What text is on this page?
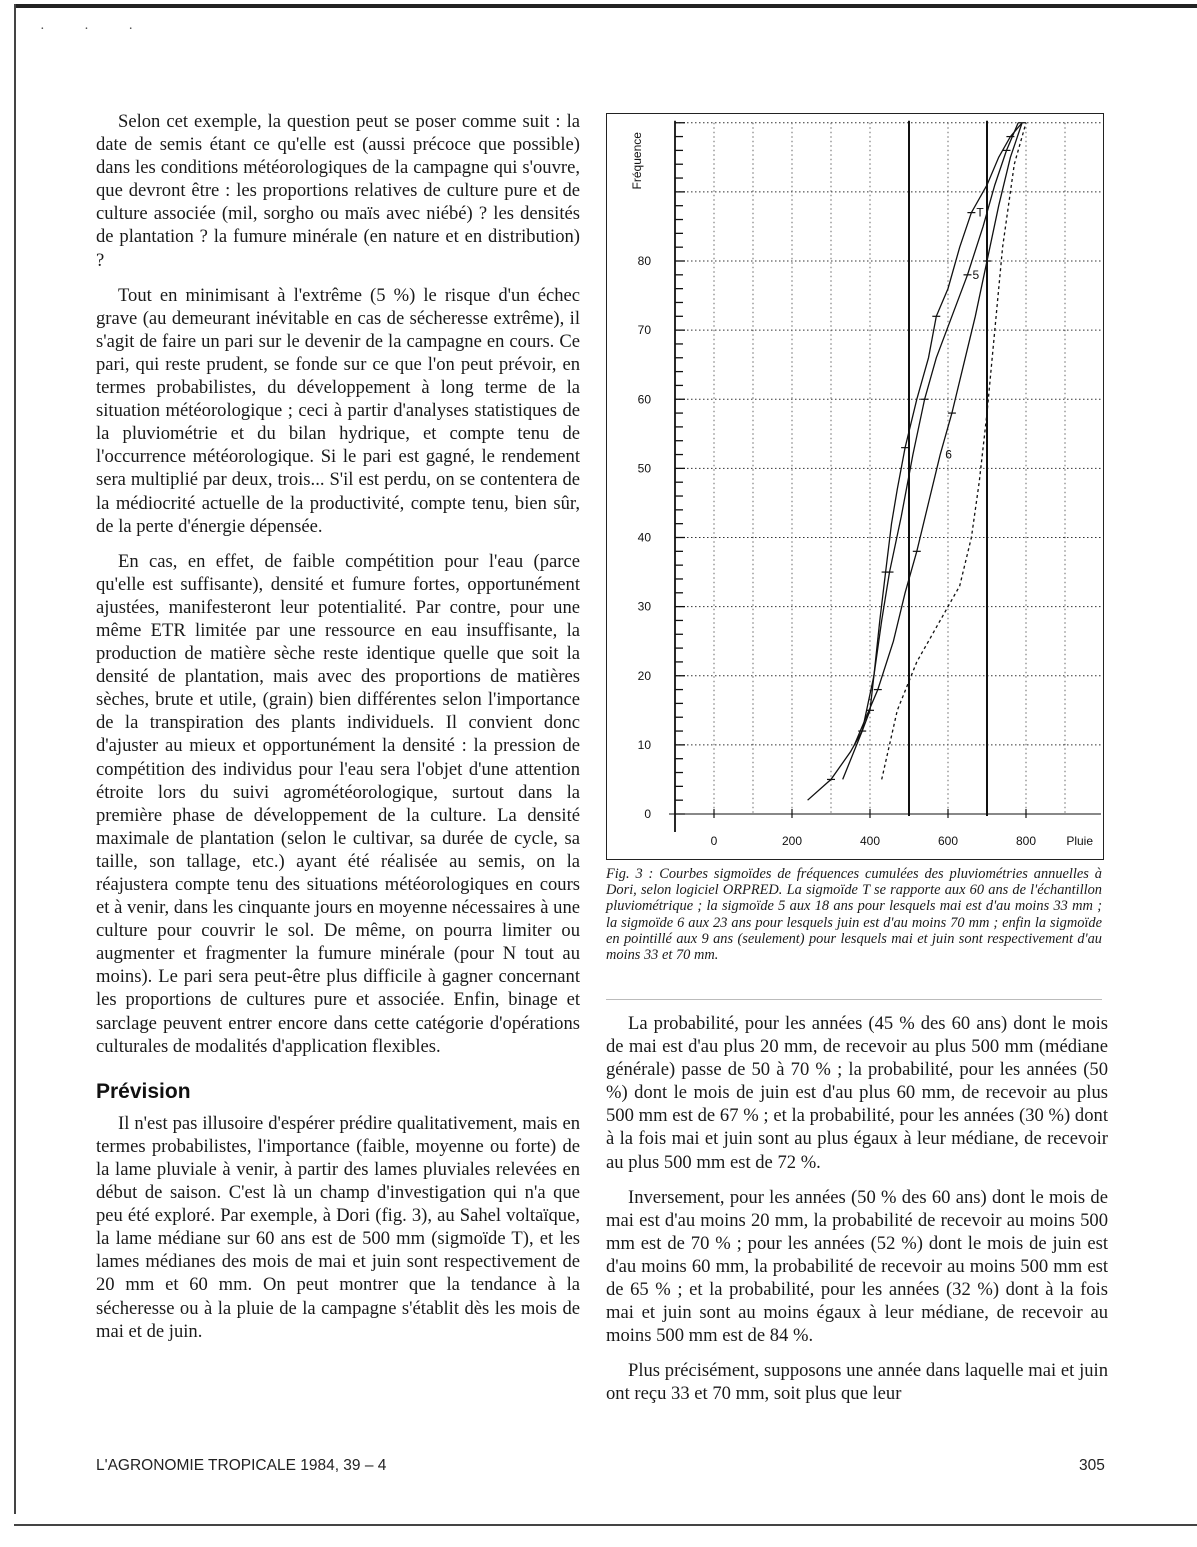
· · ·

Selon cet exemple, la question peut se poser comme suit : la date de semis étant ce qu'elle est (aussi précoce que possible) dans les conditions météorologiques de la campagne qui s'ouvre, que devront être : les proportions relatives de culture pure et de culture associée (mil, sorgho ou maïs avec niébé) ? les densités de plantation ? la fumure minérale (en nature et en distribution) ?

Tout en minimisant à l'extrême (5 %) le risque d'un échec grave (au demeurant inévitable en cas de sécheresse extrême), il s'agit de faire un pari sur le devenir de la campagne en cours. Ce pari, qui reste prudent, se fonde sur ce que l'on peut prévoir, en termes probabilistes, du développement à long terme de la situation météorologique ; ceci à partir d'analyses statistiques de la pluviométrie et du bilan hydrique, et compte tenu de l'occurrence météorologique. Si le pari est gagné, le rendement sera multiplié par deux, trois... S'il est perdu, on se contentera de la médiocrité actuelle de la productivité, compte tenu, bien sûr, de la perte d'énergie dépensée.

En cas, en effet, de faible compétition pour l'eau (parce qu'elle est suffisante), densité et fumure fortes, opportunément ajustées, manifesteront leur potentialité. Par contre, pour une même ETR limitée par une ressource en eau insuffisante, la production de matière sèche reste identique quelle que soit la densité de plantation, mais avec des proportions de matières sèches, brute et utile, (grain) bien différentes selon l'importance de la transpiration des plants individuels. Il convient donc d'ajuster au mieux et opportunément la densité : la pression de compétition des individus pour l'eau sera l'objet d'une attention étroite lors du suivi agrométéorologique, surtout dans la première phase de développement de la culture. La densité maximale de plantation (selon le cultivar, sa durée de cycle, sa taille, son tallage, etc.) ayant été réalisée au semis, on la réajustera compte tenu des situations météorologiques en cours et à venir, dans les cinquante jours en moyenne nécessaires à une culture pour couvrir le sol. De même, on pourra limiter ou augmenter et fragmenter la fumure minérale (pour N tout au moins). Le pari sera peut-être plus difficile à gagner concernant les proportions de cultures pure et associée. Enfin, binage et sarclage peuvent entrer encore dans cette catégorie d'opérations culturales de modalités d'application flexibles.

Prévision

Il n'est pas illusoire d'espérer prédire qualitativement, mais en termes probabilistes, l'importance (faible, moyenne ou forte) de la lame pluviale à venir, à partir des lames pluviales relevées en début de saison. C'est là un champ d'investigation qui n'a que peu été exploré. Par exemple, à Dori (fig. 3), au Sahel voltaïque, la lame médiane sur 60 ans est de 500 mm (sigmoïde T), et les lames médianes des mois de mai et juin sont respectivement de 20 mm et 60 mm. On peut montrer que la tendance à la sécheresse ou à la pluie de la campagne s'établit dès les mois de mai et de juin.

0
10
20
30
40
50
60
70
80
0	200	400	600	800	Pluie
Fréquence
T
5
6

Fig. 3 : Courbes sigmoïdes de fréquences cumulées des pluviométries annuelles à Dori, selon logiciel ORPRED. La sigmoïde T se rapporte aux 60 ans de l'échantillon pluviométrique ; la sigmoïde 5 aux 18 ans pour lesquels mai est d'au moins 33 mm ; la sigmoïde 6 aux 23 ans pour lesquels juin est d'au moins 70 mm ; enfin la sigmoïde en pointillé aux 9 ans (seulement) pour lesquels mai et juin sont respectivement d'au moins 33 et 70 mm.

La probabilité, pour les années (45 % des 60 ans) dont le mois de mai est d'au plus 20 mm, de recevoir au plus 500 mm (médiane générale) passe de 50 à 70 % ; la probabilité, pour les années (50 %) dont le mois de juin est d'au plus 60 mm, de recevoir au plus 500 mm est de 67 % ; et la probabilité, pour les années (30 %) dont à la fois mai et juin sont au plus égaux à leur médiane, de recevoir au plus 500 mm est de 72 %.

Inversement, pour les années (50 % des 60 ans) dont le mois de mai est d'au moins 20 mm, la probabilité de recevoir au moins 500 mm est de 70 % ; pour les années (52 %) dont le mois de juin est d'au moins 60 mm, la probabilité de recevoir au moins 500 mm est de 65 % ; et la probabilité, pour les années (32 %) dont à la fois mai et juin sont au moins égaux à leur médiane, de recevoir au moins 500 mm est de 84 %.

Plus précisément, supposons une année dans laquelle mai et juin ont reçu 33 et 70 mm, soit plus que leur

L'AGRONOMIE TROPICALE 1984, 39 – 4	305
